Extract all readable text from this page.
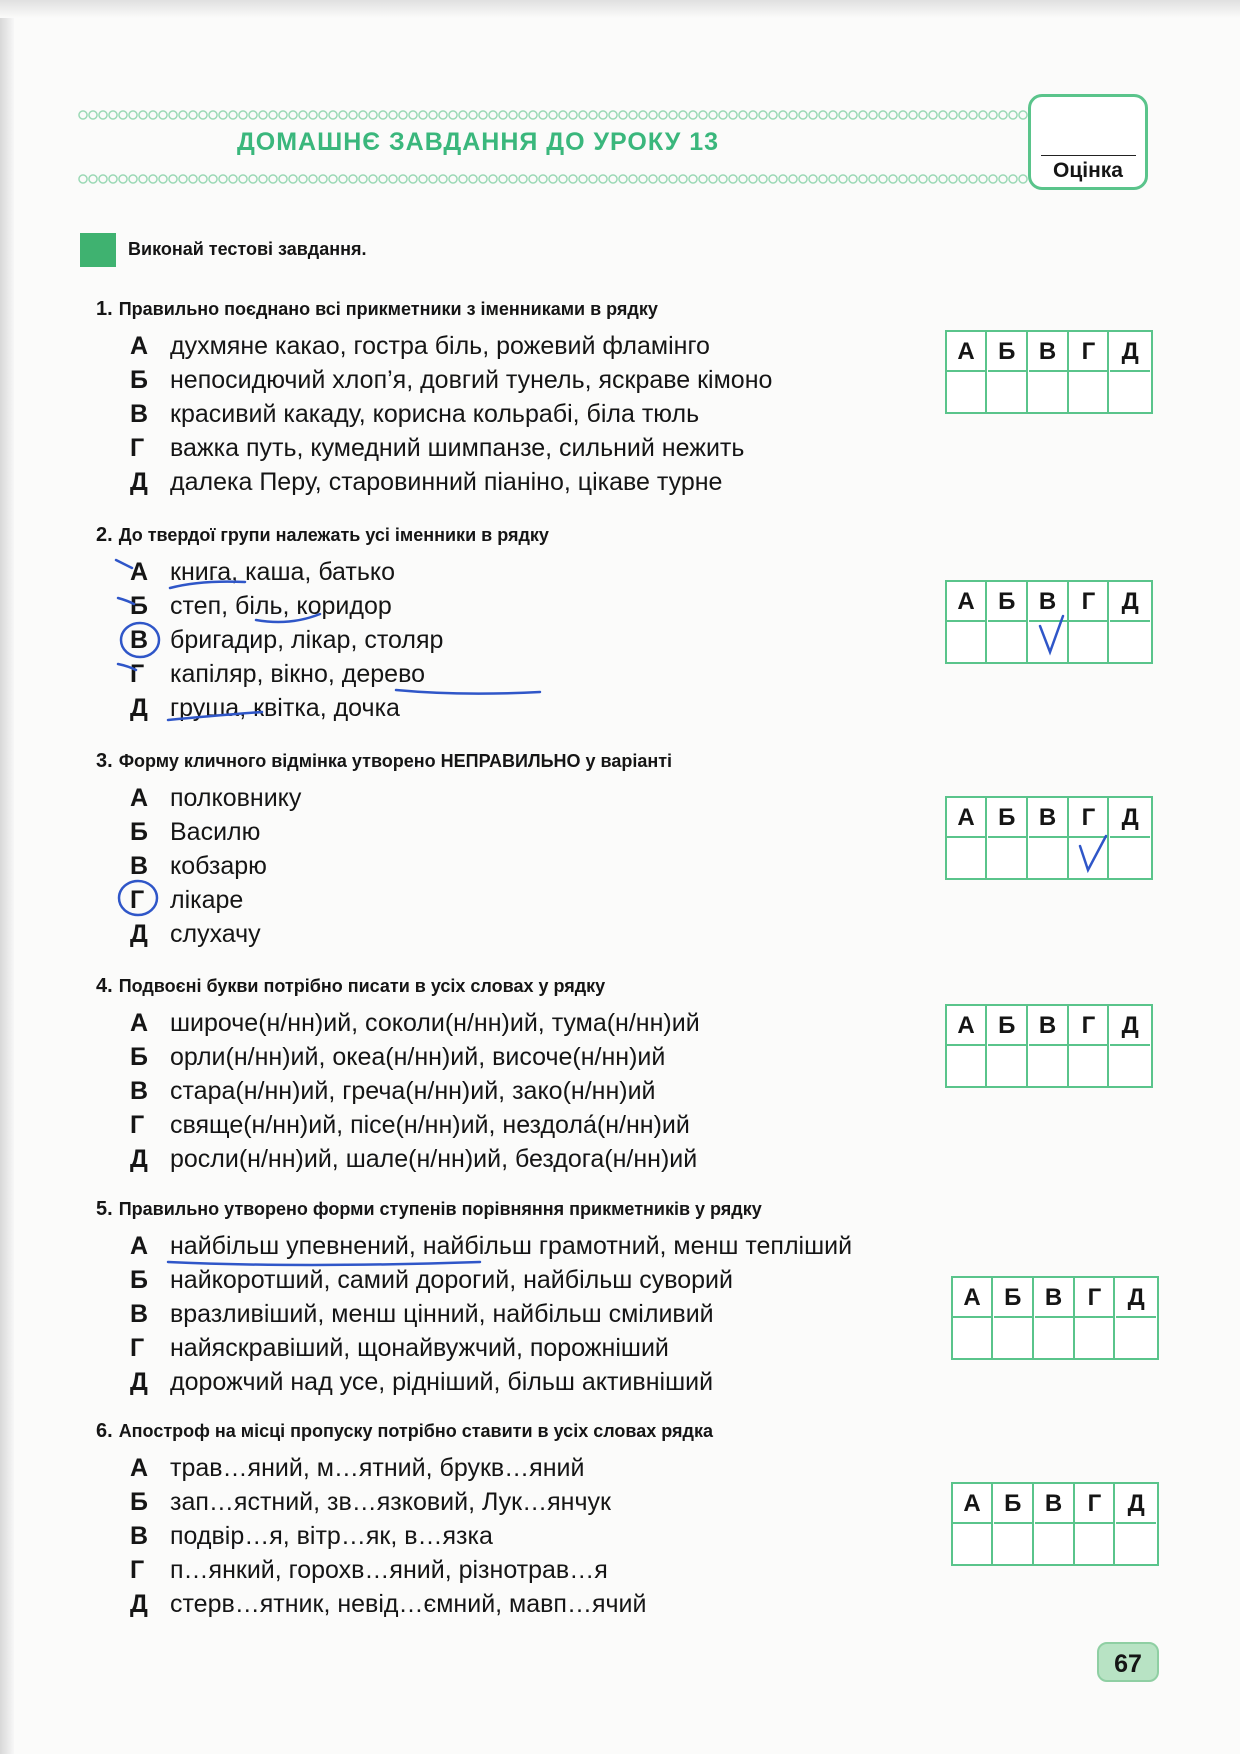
ДОМАШНЄ ЗАВДАННЯ ДО УРОКУ 13
Оцінка
Виконай тестові завдання.
1. Правильно поєднано всі прикметники з іменниками в рядку
А духмяне какао, гостра біль, рожевий фламінго
Б непосидючий хлоп’я, довгий тунель, яскраве кімоно
В красивий какаду, корисна кольрабі, біла тюль
Г важка путь, кумедний шимпанзе, сильний нежить
Д далека Перу, старовинний піаніно, цікаве турне
2. До твердої групи належать усі іменники в рядку
А книга, каша, батько
Б степ, біль, коридор
В бригадир, лікар, столяр
Г капіляр, вікно, дерево
Д груша, квітка, дочка
3. Форму кличного відмінка утворено НЕПРАВИЛЬНО у варіанті
А полковнику
Б Василю
В кобзарю
Г лікаре
Д слухачу
4. Подвоєні букви потрібно писати в усіх словах у рядку
А широче(н/нн)ий, соколи(н/нн)ий, тума(н/нн)ий
Б орли(н/нн)ий, океа(н/нн)ий, височе(н/нн)ий
В стара(н/нн)ий, греча(н/нн)ий, зако(н/нн)ий
Г свяще(н/нн)ий, пісе(н/нн)ий, нездола́(н/нн)ий
Д росли(н/нн)ий, шале(н/нн)ий, бездога(н/нн)ий
5. Правильно утворено форми ступенів порівняння прикметників у рядку
А найбільш упевнений, найбільш грамотний, менш тепліший
Б найкоротший, самий дорогий, найбільш суворий
В вразливіший, менш цінний, найбільш сміливий
Г найяскравіший, щонайвужчий, порожніший
Д дорожчий над усе, рідніший, більш активніший
6. Апостроф на місці пропуску потрібно ставити в усіх словах рядка
А трав…яний, м…ятний, брукв…яний
Б зап…ястний, зв…язковий, Лук…янчук
В подвір…я, вітр…як, в…язка
Г п…янкий, горохв…яний, різнотрав…я
Д стерв…ятник, невід…ємний, мавп…ячий
А Б В	Г	Д
А Б В	Г	Д
А Б В	Г	Д
А Б В	Г	Д
А Б В	Г	Д
А Б В	Г	Д
67
